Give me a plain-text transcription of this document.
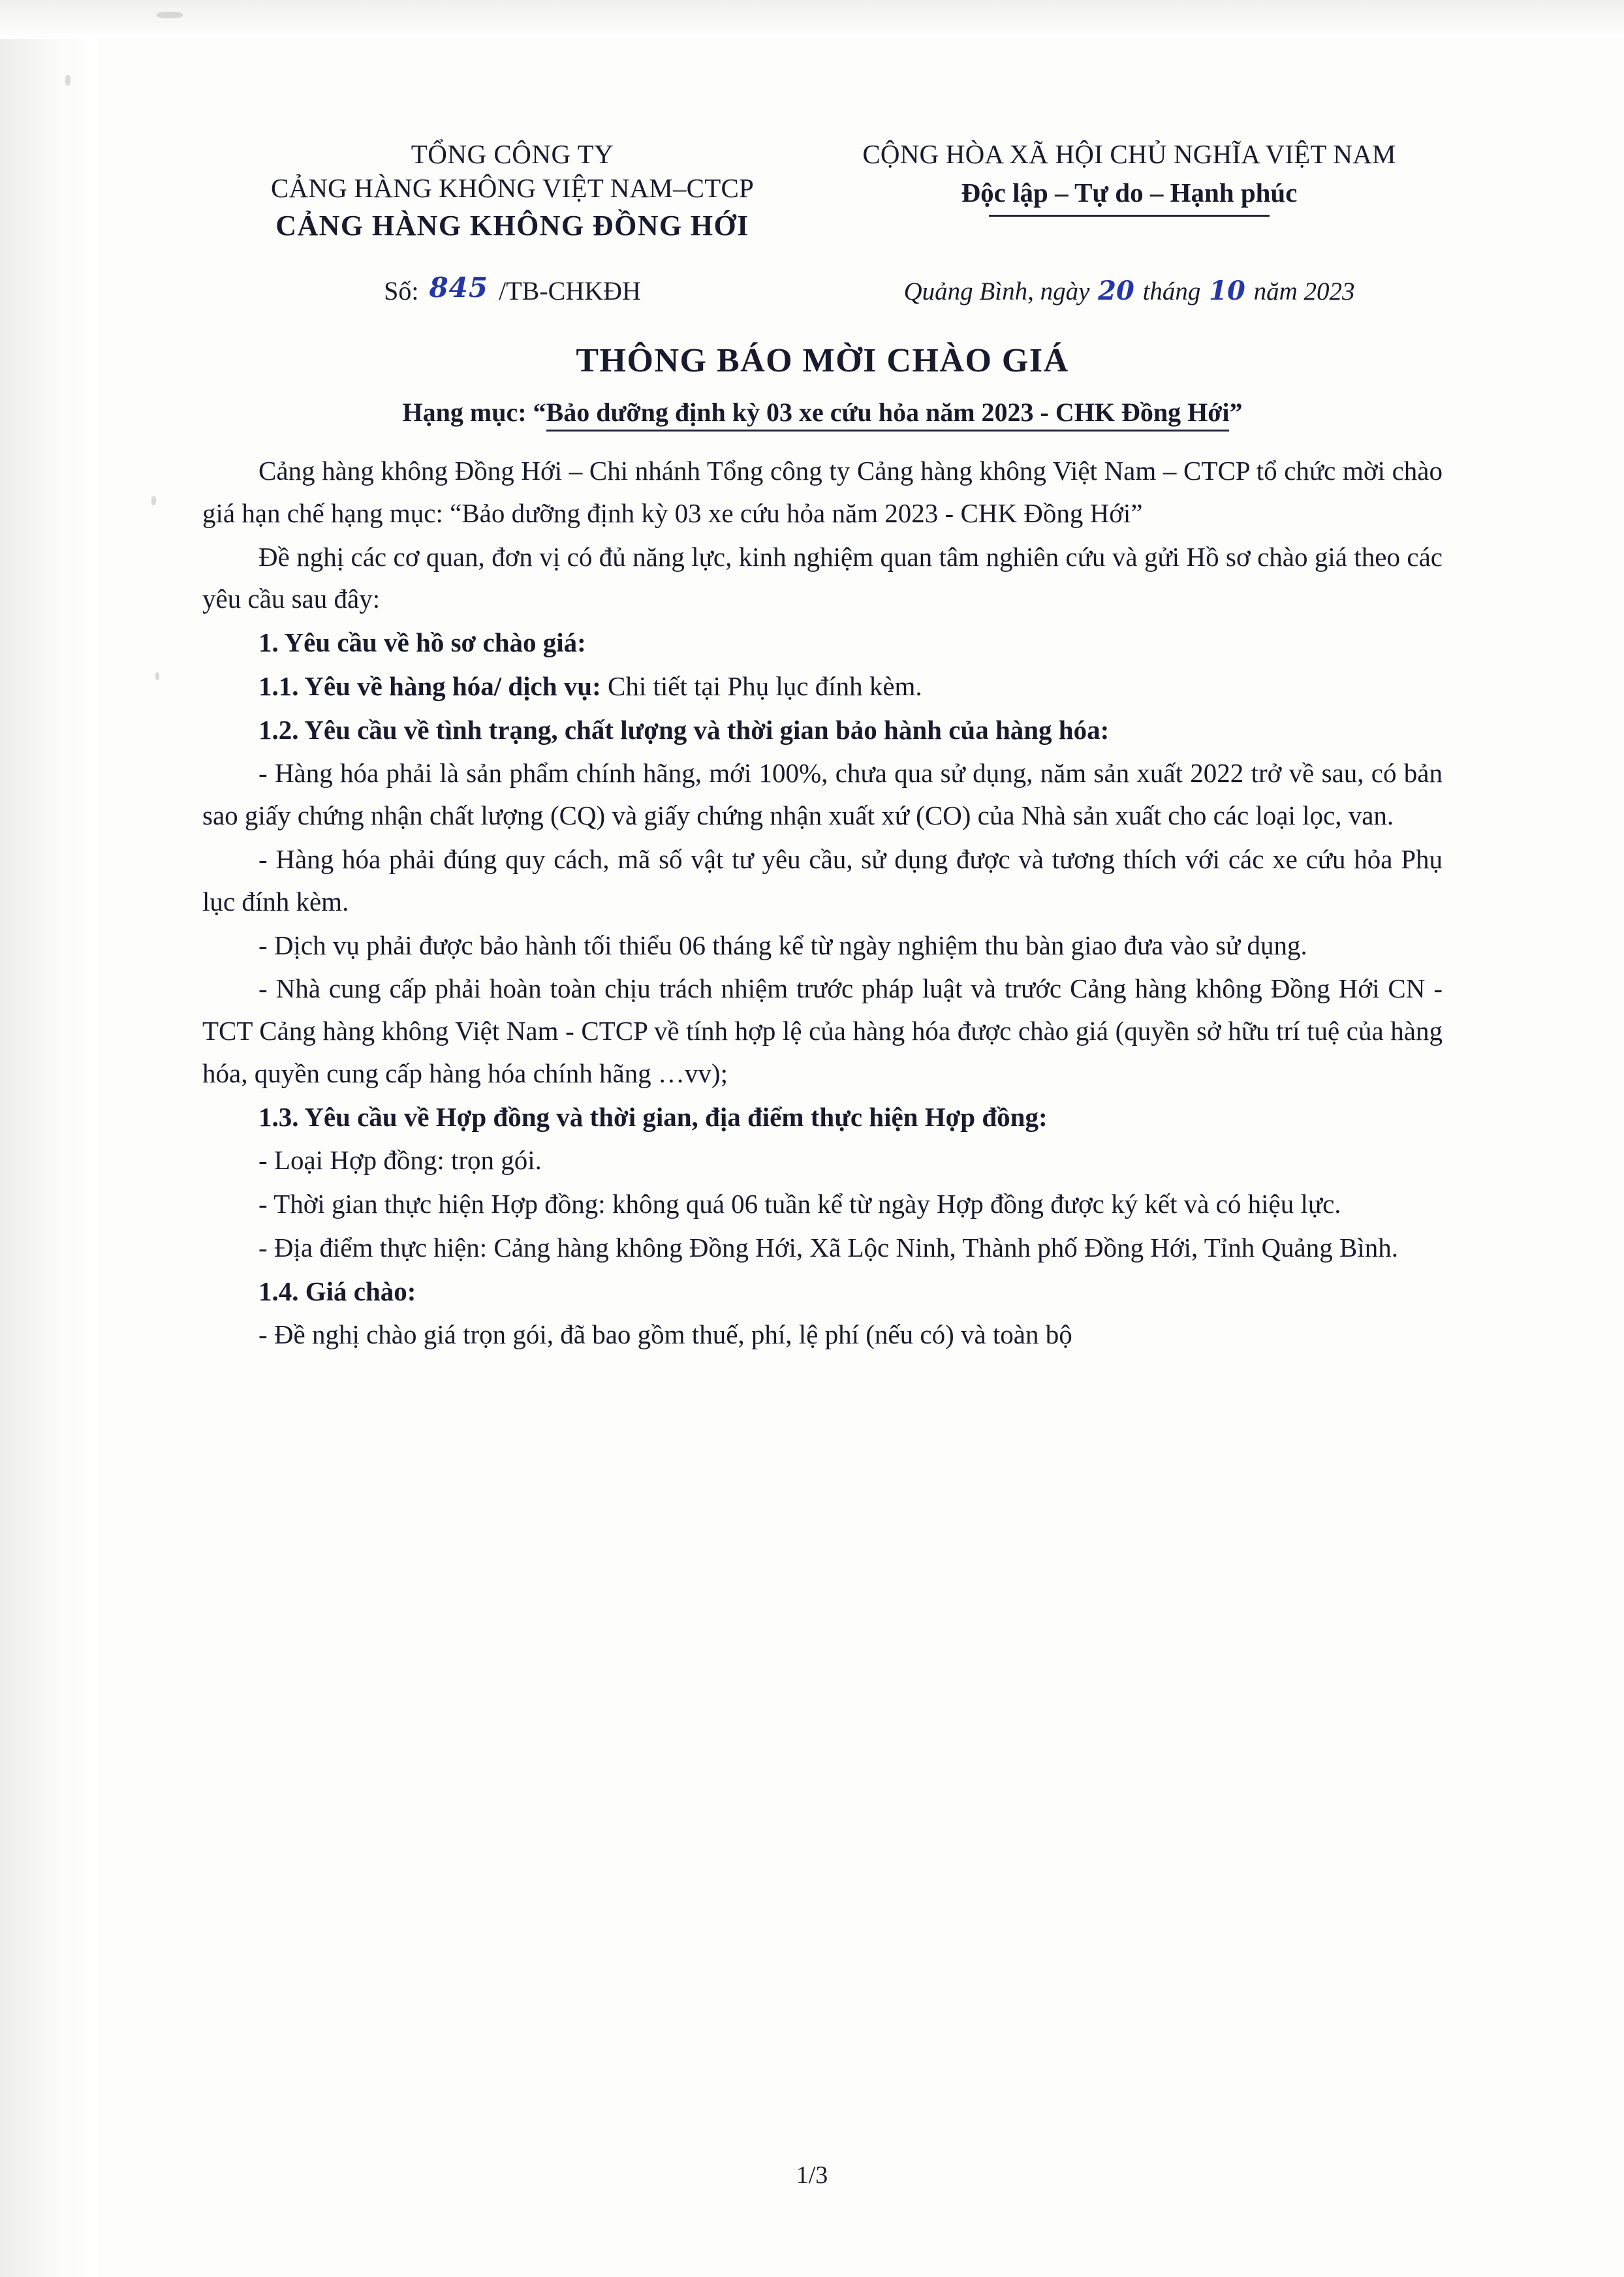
TỔNG CÔNG TY
CẢNG HÀNG KHÔNG VIỆT NAM–CTCP
CẢNG HÀNG KHÔNG ĐỒNG HỚI
CỘNG HÒA XÃ HỘI CHỦ NGHĨA VIỆT NAM
Độc lập – Tự do – Hạnh phúc
Số: 845 /TB-CHKĐH	Quảng Bình, ngày 20 tháng 10 năm 2023
THÔNG BÁO MỜI CHÀO GIÁ
Hạng mục: “Bảo dưỡng định kỳ 03 xe cứu hỏa năm 2023 - CHK Đồng Hới”

Cảng hàng không Đồng Hới – Chi nhánh Tổng công ty Cảng hàng không Việt Nam – CTCP tổ chức mời chào giá hạn chế hạng mục: “Bảo dưỡng định kỳ 03 xe cứu hỏa năm 2023 - CHK Đồng Hới”

Đề nghị các cơ quan, đơn vị có đủ năng lực, kinh nghiệm quan tâm nghiên cứu và gửi Hồ sơ chào giá theo các yêu cầu sau đây:

1. Yêu cầu về hồ sơ chào giá:

1.1. Yêu về hàng hóa/ dịch vụ: Chi tiết tại Phụ lục đính kèm.

1.2. Yêu cầu về tình trạng, chất lượng và thời gian bảo hành của hàng hóa:

- Hàng hóa phải là sản phẩm chính hãng, mới 100%, chưa qua sử dụng, năm sản xuất 2022 trở về sau, có bản sao giấy chứng nhận chất lượng (CQ) và giấy chứng nhận xuất xứ (CO) của Nhà sản xuất cho các loại lọc, van.

- Hàng hóa phải đúng quy cách, mã số vật tư yêu cầu, sử dụng được và tương thích với các xe cứu hỏa Phụ lục đính kèm.

- Dịch vụ phải được bảo hành tối thiểu 06 tháng kể từ ngày nghiệm thu bàn giao đưa vào sử dụng.

- Nhà cung cấp phải hoàn toàn chịu trách nhiệm trước pháp luật và trước Cảng hàng không Đồng Hới CN - TCT Cảng hàng không Việt Nam - CTCP về tính hợp lệ của hàng hóa được chào giá (quyền sở hữu trí tuệ của hàng hóa, quyền cung cấp hàng hóa chính hãng …vv);

1.3. Yêu cầu về Hợp đồng và thời gian, địa điểm thực hiện Hợp đồng:

- Loại Hợp đồng: trọn gói.

- Thời gian thực hiện Hợp đồng: không quá 06 tuần kể từ ngày Hợp đồng được ký kết và có hiệu lực.

- Địa điểm thực hiện: Cảng hàng không Đồng Hới, Xã Lộc Ninh, Thành phố Đồng Hới, Tỉnh Quảng Bình.

1.4. Giá chào:

- Đề nghị chào giá trọn gói, đã bao gồm thuế, phí, lệ phí (nếu có) và toàn bộ

1/3
